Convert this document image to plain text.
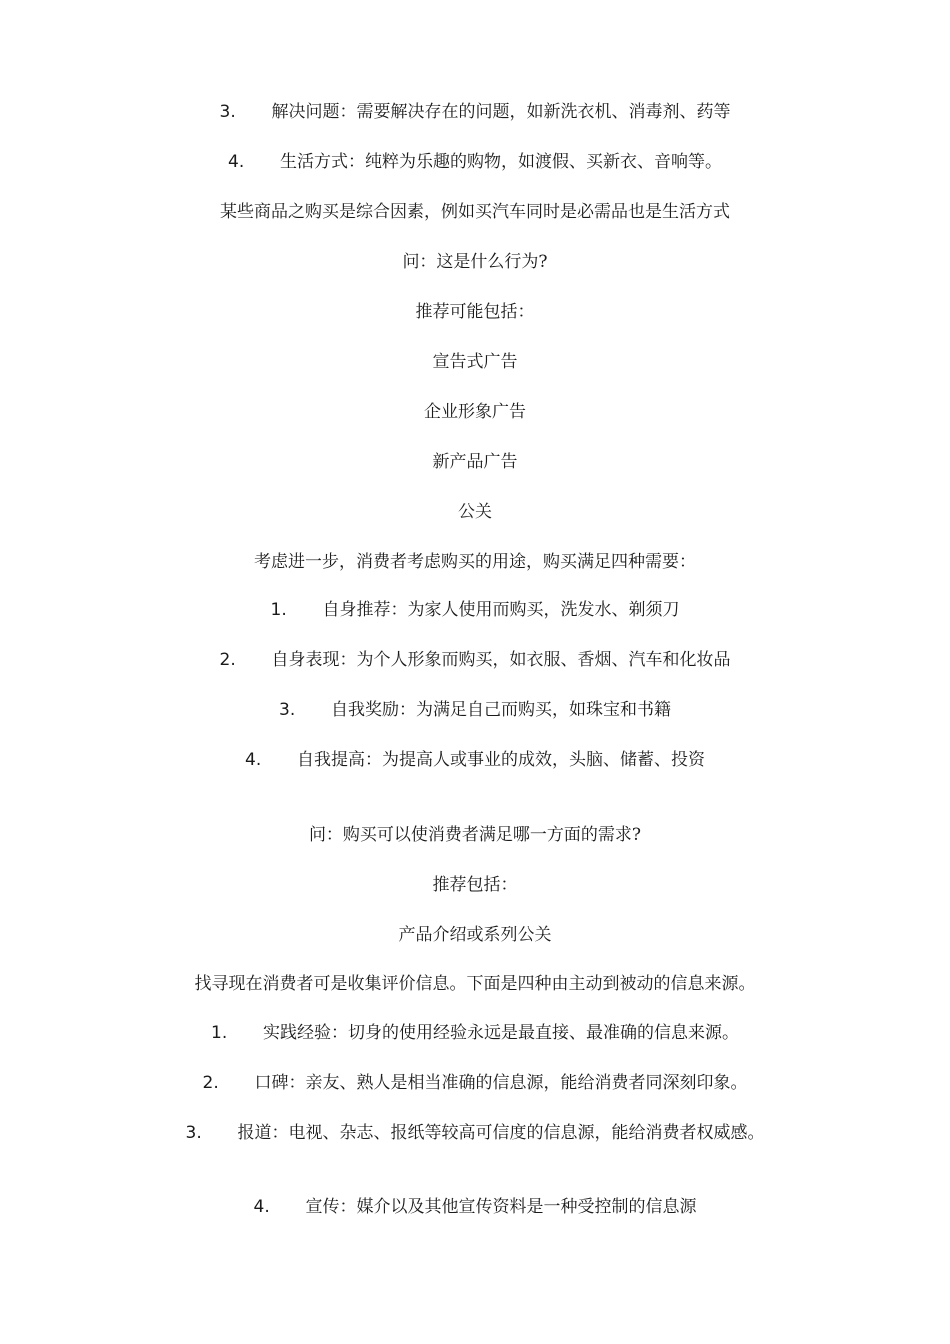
3. 解决问题：需要解决存在的问题，如新洗衣机、消毒剂、药等
4. 生活方式：纯粹为乐趣的购物，如渡假、买新衣、音响等。
某些商品之购买是综合因素，例如买汽车同时是必需品也是生活方式
问：这是什么行为?
推荐可能包括：
宣告式广告
企业形象广告
新产品广告
公关
考虑进一步，消费者考虑购买的用途，购买满足四种需要：
1. 自身推荐：为家人使用而购买，洗发水、剃须刀
2. 自身表现：为个人形象而购买，如衣服、香烟、汽车和化妆品
3. 自我奖励：为满足自己而购买，如珠宝和书籍
4. 自我提高：为提高人或事业的成效，头脑、储蓄、投资
问：购买可以使消费者满足哪一方面的需求?
推荐包括：
产品介绍或系列公关
找寻现在消费者可是收集评价信息。下面是四种由主动到被动的信息来源。
1. 实践经验：切身的使用经验永远是最直接、最准确的信息来源。
2. 口碑：亲友、熟人是相当准确的信息源，能给消费者同深刻印象。
3. 报道：电视、杂志、报纸等较高可信度的信息源，能给消费者权威感。
4. 宣传：媒介以及其他宣传资料是一种受控制的信息源
